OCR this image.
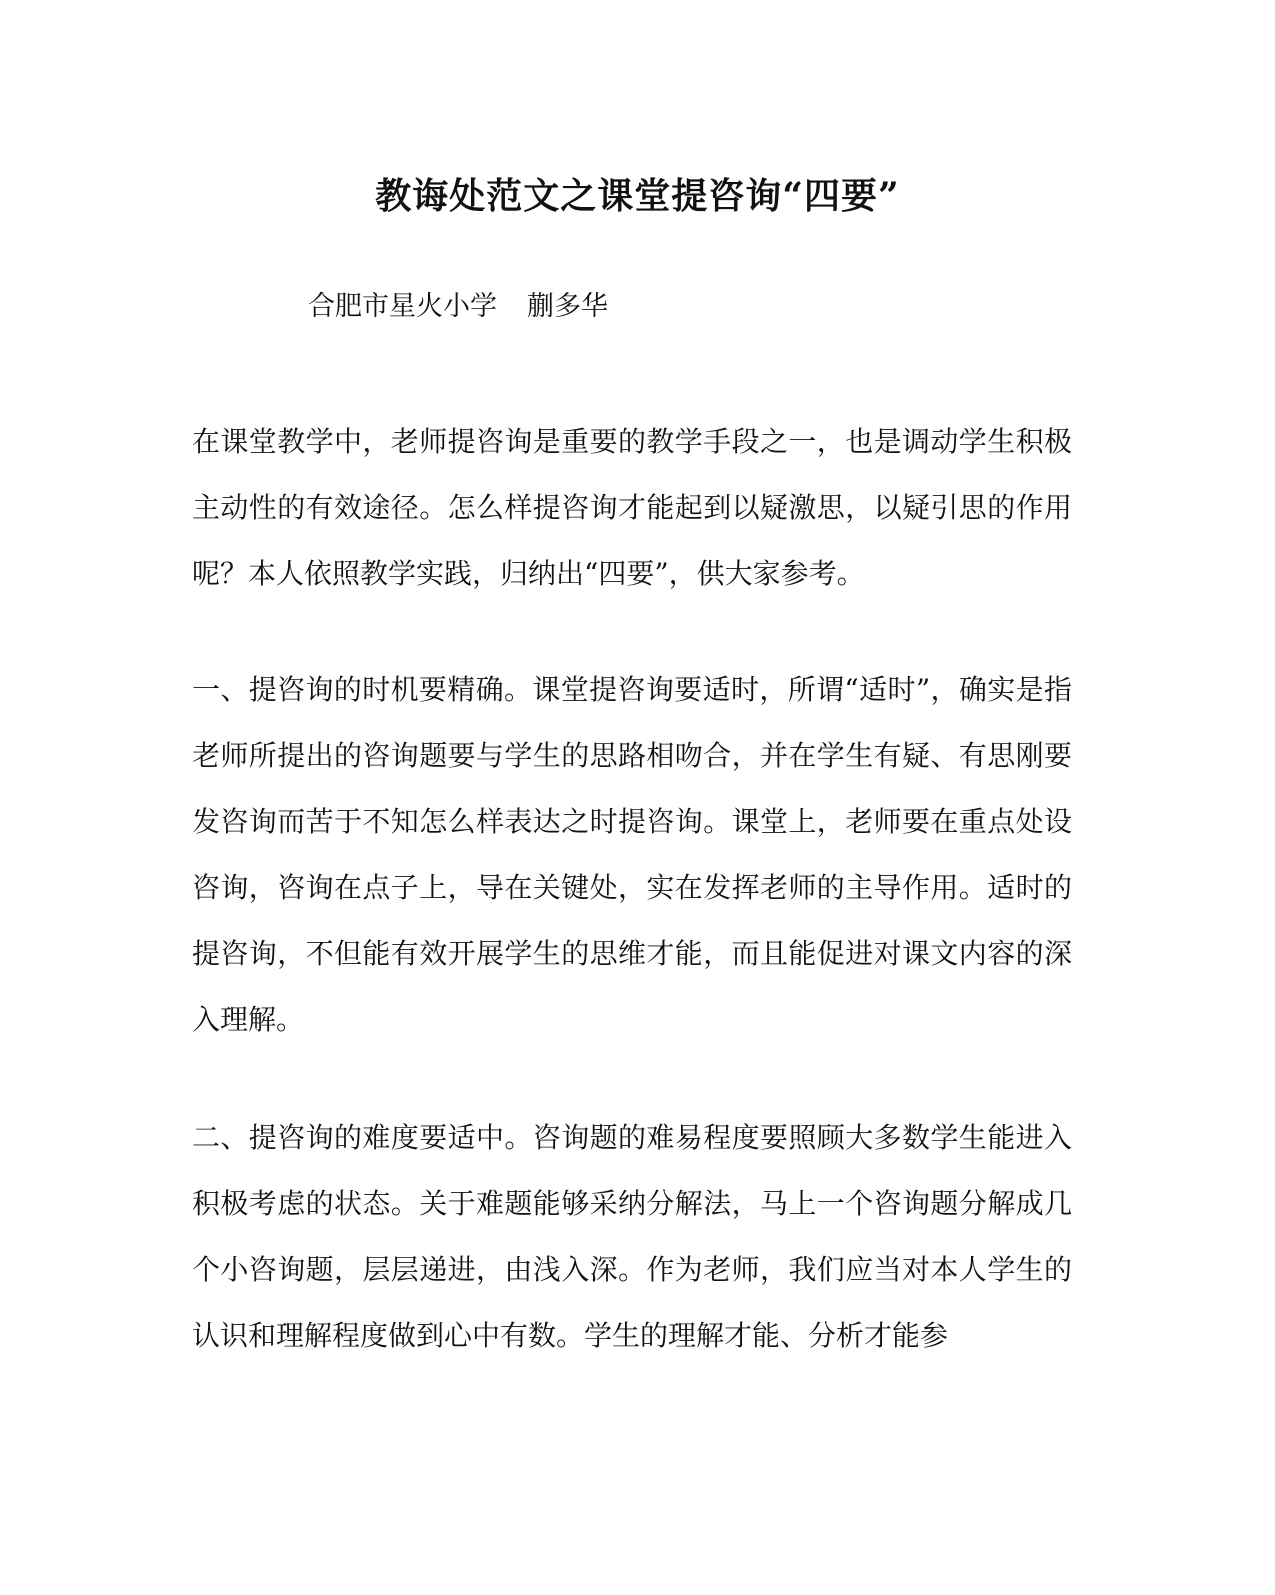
教诲处范文之课堂提咨询“四要”

合肥市星火小学 蒯多华

在课堂教学中，老师提咨询是重要的教学手段之一，也是调动学生积极主动性的有效途径。怎么样提咨询才能起到以疑激思，以疑引思的作用呢？本人依照教学实践，归纳出“四要”，供大家参考。

一、提咨询的时机要精确。课堂提咨询要适时，所谓“适时”，确实是指老师所提出的咨询题要与学生的思路相吻合，并在学生有疑、有思刚要发咨询而苦于不知怎么样表达之时提咨询。课堂上，老师要在重点处设咨询，咨询在点子上，导在关键处，实在发挥老师的主导作用。适时的提咨询，不但能有效开展学生的思维才能，而且能促进对课文内容的深入理解。

二、提咨询的难度要适中。咨询题的难易程度要照顾大多数学生能进入积极考虑的状态。关于难题能够采纳分解法，马上一个咨询题分解成几个小咨询题，层层递进，由浅入深。作为老师，我们应当对本人学生的认识和理解程度做到心中有数。学生的理解才能、分析才能参
